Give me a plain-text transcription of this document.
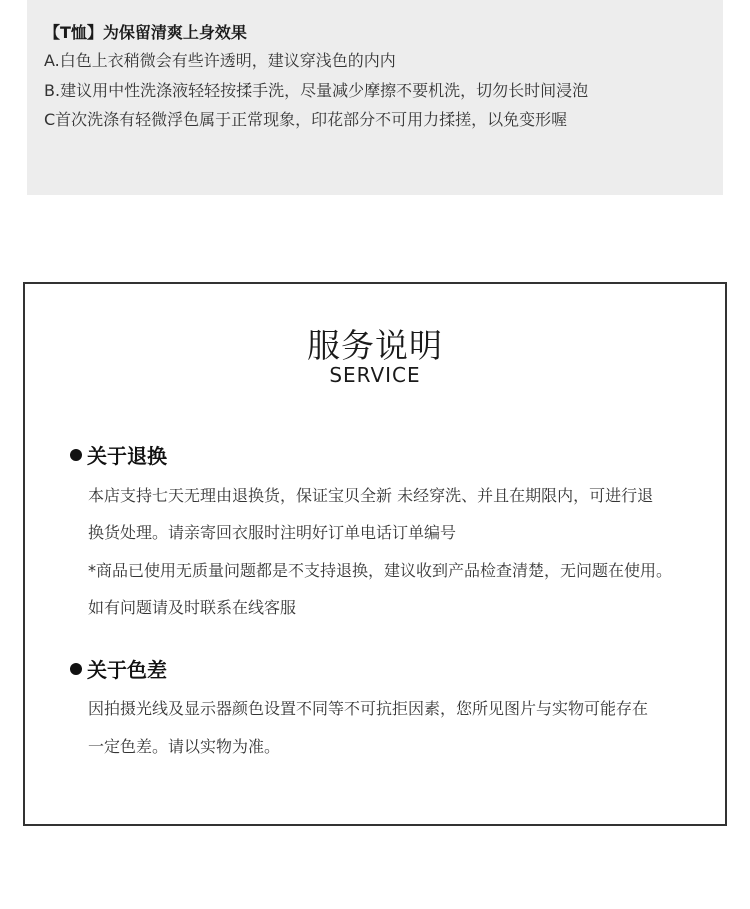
【T恤】为保留清爽上身效果
A.白色上衣稍微会有些许透明，建议穿浅色的内内
B.建议用中性洗涤液轻轻按揉手洗，尽量减少摩擦不要机洗，切勿长时间浸泡
C首次洗涤有轻微浮色属于正常现象，印花部分不可用力揉搓，以免变形喔
服务说明
SERVICE
关于退换
本店支持七天无理由退换货，保证宝贝全新 未经穿洗、并且在期限内，可进行退
换货处理。请亲寄回衣服时注明好订单电话订单编号
*商品已使用无质量问题都是不支持退换，建议收到产品检查清楚，无问题在使用。
如有问题请及时联系在线客服
关于色差
因拍摄光线及显示器颜色设置不同等不可抗拒因素，您所见图片与实物可能存在
一定色差。请以实物为准。
